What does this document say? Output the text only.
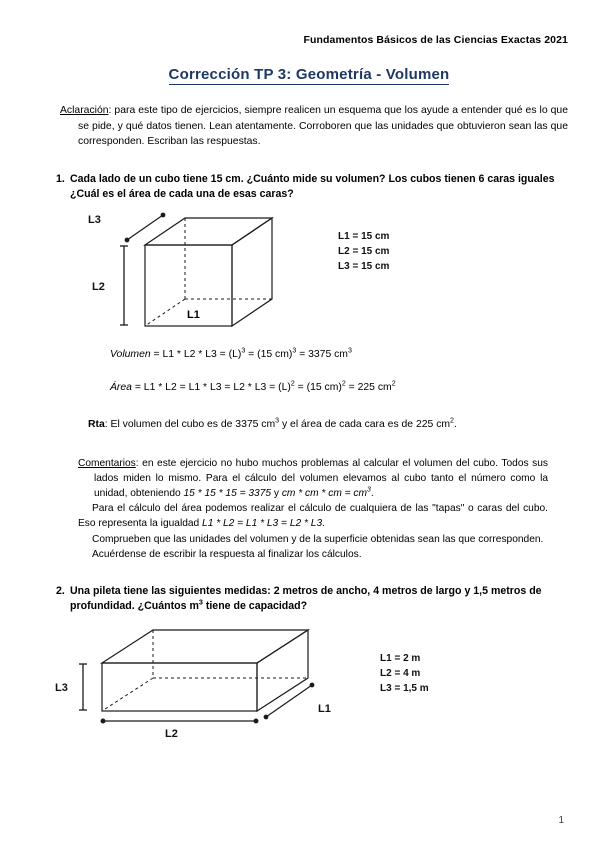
Fundamentos Básicos de las Ciencias Exactas 2021
Corrección TP 3: Geometría - Volumen
Aclaración: para este tipo de ejercicios, siempre realicen un esquema que los ayude a entender qué es lo que se pide, y qué datos tienen. Lean atentamente. Corroboren que las unidades que obtuvieron sean las que corresponden. Escriban las respuestas.
1. Cada lado de un cubo tiene 15 cm. ¿Cuánto mide su volumen? Los cubos tienen 6 caras iguales ¿Cuál es el área de cada una de esas caras?
L2
L3
L1 = 15 cm
L2 = 15 cm
L3 = 15 cm
L1
Volumen = $L1 * L2 * L3 = (L)^3 = (15$ cm)$^3$ = 3375 $cm^3$
Área = $L1 * L2 = L1 * L3 = L2 * L3 = (L)^2 = (15$ cm)$^2$ = 225 $cm^2$
Rta: El volumen del cubo es de 3375 $cm^3$ y el área de cada cara es de 225 $cm^2$.

Comentarios: en este ejercicio no hubo muchos problemas al calcular el volumen del cubo. Todos sus lados miden lo mismo. Para el cálculo del volumen elevamos al cubo tanto el número como la unidad, obteniendo 15 * 15 * 15 = 3375 y cm * cm * cm = $cm^3$.

Para el cálculo del área podemos realizar el cálculo de cualquiera de las "tapas" o caras del cubo. Eso representa la igualdad L1 * L2 = L1 * L3 = L2 * L3.

Comprueben que las unidades del volumen y de la superficie obtenidas sean las que corresponden.

Acuérdense de escribir la respuesta al finalizar los cálculos.

2. Una pileta tiene las siguientes medidas: 2 metros de ancho, 4 metros de largo y 1,5 metros de profundidad. ¿Cuántos $m^3$ tiene de capacidad?
L3
L2
L1
L1 = 2 m
L2 = 4 m
L3 = 1,5 m
1
